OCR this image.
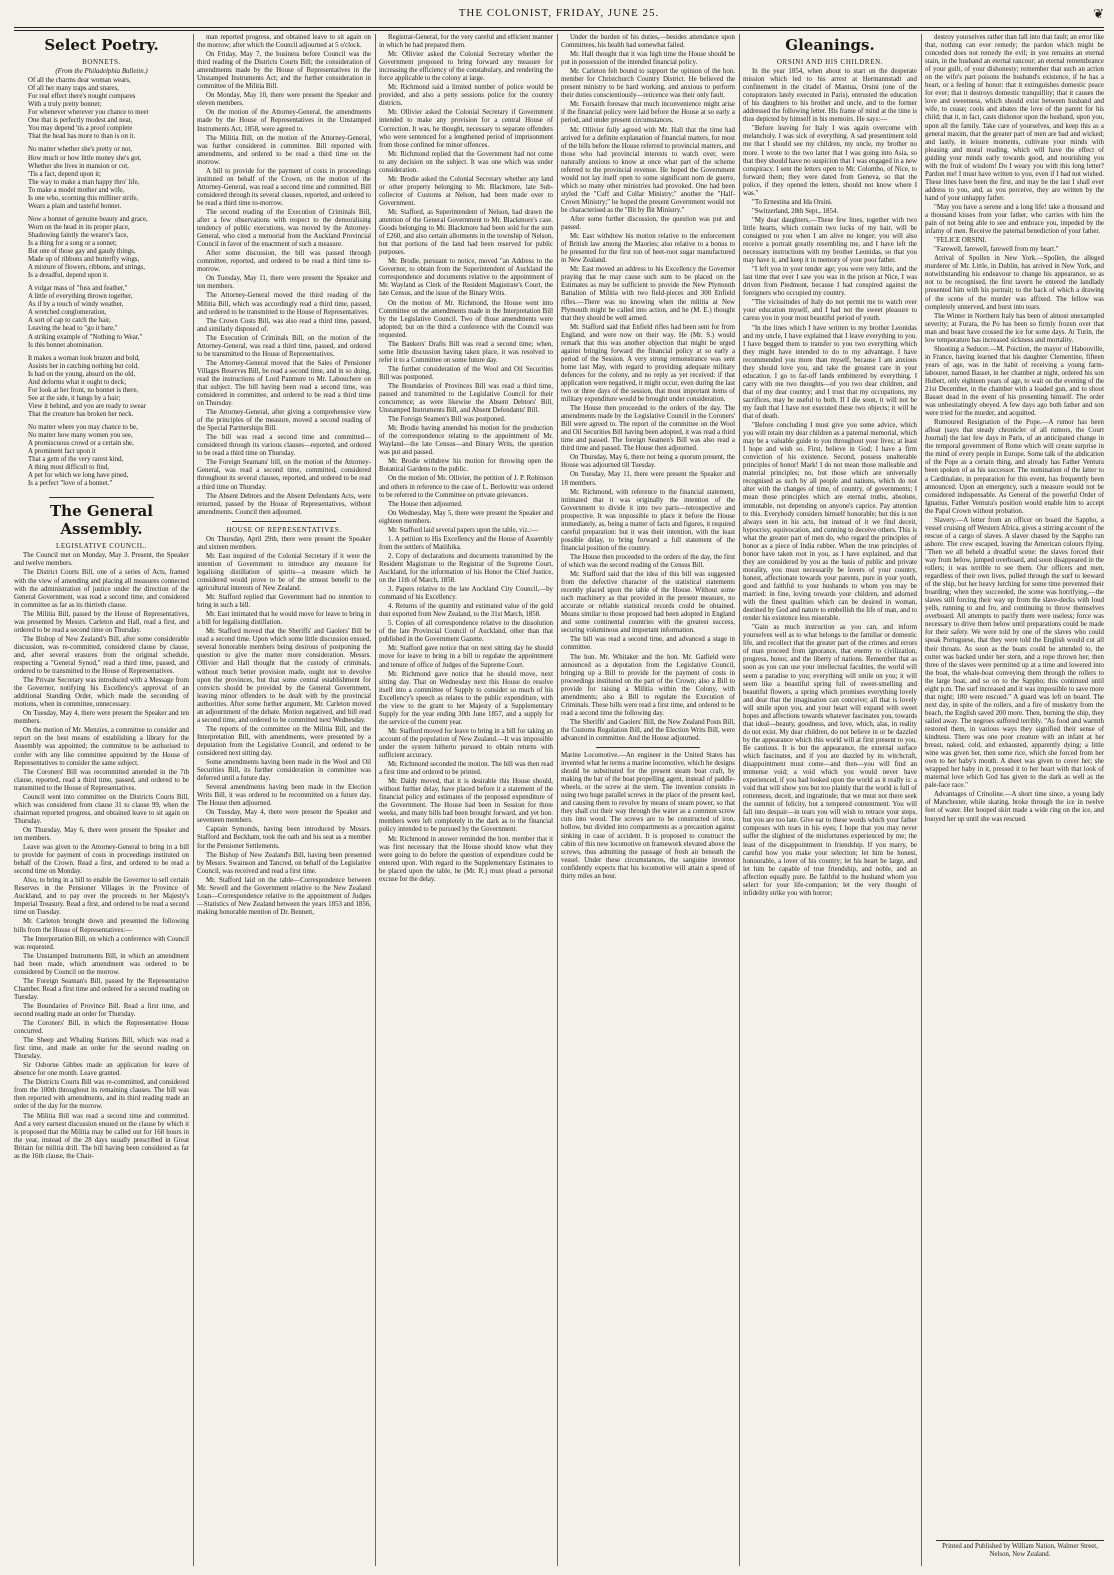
THE COLONIST, FRIDAY, JUNE 25.	❦
Select Poetry.

BONNETS.

(From the Philadelphia Bulletin.)

Of all the charms dear woman wears,

Of all her many traps and snares,

For real effect there's nought compares

With a truly pretty bonnet;

For whenever wherever you chance to meet

One that is perfectly modest and neat,

You may depend 'tis a proof complete

That the head has more to than is on it.

No matter whether she's pretty or not,

How much or how little money she's got,

Whether she lives in mansion or cot,

'Tis a fact, depend upon it;

The way to make a man happy thro' life,

To make a model mother and wife,

Is one who, scorning this milliner strife,

Wears a plain and tasteful bonnet.

Now a bonnet of genuine beauty and grace,

Worn on the head in its proper place,

Shadowing faintly the wearer's face,

Is a thing for a song or a sonnet;

But one of those gay and gaudy things,

Made up of ribbons and butterfly wings,

A mixture of flowers, ribbons, and strings,

Is a dreadful, depend upon it.

A vulgar mass of "fuss and feather,"

A little of everything thrown together,

As if by a touch of windy weather,

A wretched conglomeration,

A sort of cap to catch the hair,

Leaving the head to "go it bare,"

A striking example of "Nothing to Wear,"

Is this bonnet abomination.

It makes a woman look brazen and bold,

Assists her in catching nothing but cold,

Is bad on the young, absurd on the old,

And deforms what it ought to deck;

For look at her front, no bonnet is there,

See at the side, it hangs by a hair;

View it behind, and you are ready to swear

That the creature has broken her neck.

No matter where you may chance to be,

No matter how many women you see,

A promiscuous crowd or a certain she,

A prominent fact upon it

That a gem of the very rarest kind,

A thing most difficult to find,

A pet for which we long have pined,

Is a perfect "love of a bonnet."

The General Assembly.

LEGISLATIVE COUNCIL.

The Council met on Monday, May 3. Present, the Speaker and twelve members.

The District Courts Bill, one of a series of Acts, framed with the view of amending and placing all measures connected with the administration of justice under the direction of the General Government, was read a second time, and considered in committee as far as its thirtieth clause.

The Militia Bill, passed by the House of Representatives, was presented by Messrs. Carleton and Hall, read a first, and ordered to be read a second time on Thursday.

The Bishop of New Zealand's Bill, after some considerable discussion, was re-committed, considered clause by clause, and, after several erasures from the original schedule, respecting a "General Synod," read a third time, passed, and ordered to be transmitted to the House of Representatives.

The Private Secretary was introduced with a Message from the Governor, notifying his Excellency's approval of an additional Standing Order, which made the seconding of motions, when in committee, unnecessary.

On Tuesday, May 4, there were present the Speaker and ten members.

On the motion of Mr. Menzies, a committee to consider and report on the best means of establishing a library for the Assembly was appointed; the committee to be authorised to confer with any like committee appointed by the House of Representatives to consider the same subject.

The Coroners' Bill was recommitted amended in the 7th clause, reported, read a third time, passed, and ordered to be transmitted to the House of Representatives.

Council went into committee on the Districts Courts Bill, which was considered from clause 31 to clause 99, when the chairman reported progress, and obtained leave to sit again on Thursday.

On Thursday, May 6, there were present the Speaker and ten members.

Leave was given to the Attorney-General to bring in a bill to provide for payment of costs in proceedings instituted on behalf of the Crown. Read a first, and ordered to be read a second time on Monday.

Also, to bring in a bill to enable the Governor to sell certain Reserves in the Pensioner Villages in the Province of Auckland, and to pay over the proceeds to her Majesty's Imperial Treasury. Read a first, and ordered to be read a second time on Tuesday.

Mr. Carleton brought down and presented the following bills from the House of Representatives:—

The Interpretation Bill, on which a conference with Council was requested.

The Unstamped Instruments Bill, in which an amendment had been made, which amendment was ordered to be considered by Council on the morrow.

The Foreign Seaman's Bill, passed by the Representative Chamber. Read a first time and ordered for a second reading on Tuesday.

The Boundaries of Province Bill. Read a first time, and second reading made an order for Thursday.

The Coroners' Bill, in which the Representative House concurred.

The Sheep and Whaling Stations Bill, which was read a first time, and made an order for the second reading on Thursday.

Sir Osborne Gibbes made an application for leave of absence for one month. Leave granted.

The Districts Courts Bill was re-committed, and considered from the 100th throughout its remaining clauses. The bill was then reported with amendments, and its third reading made an order of the day for the morrow.

The Militia Bill was read a second time and committed. And a very earnest discussion ensued on the clause by which it is proposed that the Militia may be called out for 168 hours in the year, instead of the 28 days usually prescribed in Great Britain for militia drill. The bill having been considered as far as the 16th clause, the Chair-

man reported progress, and obtained leave to sit again on the morrow; after which the Council adjourned at 5 o'clock.

On Friday, May 7, the business before Council was the third reading of the Districts Courts Bill; the consideration of amendments made by the House of Representatives in the Unstamped Instruments Act; and the further consideration in committee of the Militia Bill.

On Monday, May 10, there were present the Speaker and eleven members.

On the motion of the Attorney-General, the amendments made by the House of Representatives in the Unstamped Instruments Act, 1858, were agreed to.

The Militia Bill, on the motion of the Attorney-General, was further considered in committee. Bill reported with amendments, and ordered to be read a third time on the morrow.

A bill to provide for the payment of costs in proceedings instituted on behalf of the Crown, on the motion of the Attorney-General, was read a second time and committed. Bill considered through its several clauses, reported, and ordered to be read a third time to-morrow.

The second reading of the Execution of Criminals Bill, after a few observations with respect to the demoralising tendency of public executions, was moved by the Attorney-General, who cited a memorial from the Auckland Provincial Council in favor of the enactment of such a measure.

After some discussion, the bill was passed through committee, reported, and ordered to be read a third time to-morrow.

On Tuesday, May 11, there were present the Speaker and ten members.

The Attorney-General moved the third reading of the Militia Bill, which was accordingly read a third time, passed, and ordered to be transmitted to the House of Representatives.

The Crown Costs Bill, was also read a third time, passed, and similarly disposed of.

The Execution of Criminals Bill, on the motion of the Attorney-General, was read a third time, passed, and ordered to be transmitted to the House of Representatives.

The Attorney-General moved that the Sales of Pensioner Villages Reserves Bill, be read a second time, and in so doing, read the instructions of Lord Panmure to Mr. Labouchere on that subject. The bill having been read a second time, was considered in committee, and ordered to be read a third time on Thursday.

The Attorney-General, after giving a comprehensive view of the principles of the measure, moved a second reading of the Special Partnerships Bill.

The bill was read a second time and committed—considered through its various clauses—reported, and ordered to be read a third time on Thursday.

The Foreign Seamans' bill, on the motion of the Attorney-General, was read a second time, committed, considered throughout its several clauses, reported, and ordered to be read a third time on Thursday.

The Absent Debtors and the Absent Defendants Acts, were returned, passed by the House of Representatives, without amendments. Council then adjourned.

HOUSE OF REPRESENTATIVES.

On Thursday, April 29th, there were present the Speaker and sixteen members.

Mr. East inquired of the Colonial Secretary if it were the intention of Government to introduce any measure for legalising distillation of spirits—a measure which he considered would prove to be of the utmost benefit to the agricultural interests of New Zealand.

Mr. Stafford replied that Government had no intention to bring in such a bill.

Mr. East intimated that he would move for leave to bring in a bill for legalising distillation.

Mr. Stafford moved that the Sheriffs' and Gaolers' Bill be read a second time. Upon which some little discussion ensued, several honorable members being desirous of postponing the question to give the matter more consideration. Messrs. Ollivier and Hall thought that the custody of criminals, without much better provision made, ought not to devolve upon the provinces, but that some central establishment for convicts should be provided by the General Government, leaving minor offenders to be dealt with by the provincial authorities. After some further argument, Mr. Carleton moved an adjournment of the debate. Motion negatived, and bill read a second time, and ordered to be committed next Wednesday.

The reports of the committee on the Militia Bill, and the Interpretation Bill, with amendments, were presented by a deputation from the Legislative Council, and ordered to be considered next sitting day.

Some amendments having been made in the Wool and Oil Securities Bill, its further consideration in committee was deferred until a future day.

Several amendments having been made in the Election Writs Bill, it was ordered to be recommitted on a future day. The House then adjourned.

On Tuesday, May 4, there were present the Speaker and seventeen members.

Captain Symonds, having been introduced by Messrs. Stafford and Beckham, took the oath and his seat as a member for the Pensioner Settlements.

The Bishop of New Zealand's Bill, having been presented by Messrs. Swainson and Tancred, on behalf of the Legislative Council, was received and read a first time.

Mr. Stafford laid on the table—Correspondence between Mr. Sewell and the Government relative to the New Zealand Loan—Correspondence relative to the appointment of Judges—Statistics of New Zealand between the years 1853 and 1856, making honorable mention of Dr. Bennett,

Registrar-General, for the very careful and efficient manner in which he had prepared them.

Mr. Ollivier asked the Colonial Secretary whether the Government proposed to bring forward any measure for increasing the efficiency of the constabulary, and rendering the force applicable to the colony at large.

Mr. Richmond said a limited number of police would be provided, and also a petty sessions police for the country districts.

Mr. Ollivier asked the Colonial Secretary if Government intended to make any provision for a central House of Correction. It was, he thought, necessary to separate offenders who were sentenced for a lengthened period of imprisonment from those confined for minor offences.

Mr. Richmond replied that the Government had not come to any decision on the subject. It was one which was under consideration.

Mr. Brodie asked the Colonial Secretary whether any land or other property belonging to Mr. Blackmore, late Sub-collector of Customs at Nelson, had been made over to Government.

Mr. Stafford, as Superintendent of Nelson, had drawn the attention of the General Government to Mr. Blackmore's case. Goods belonging to Mr. Blackmore had been sold for the sum of £260, and also certain allotments in the township of Nelson, but that portions of the land had been reserved for public purposes.

Mr. Brodie, pursuant to notice, moved "an Address to the Governor, to obtain from the Superintendent of Auckland the correspondence and documents relative to the appointment of Mr. Wayland as Clerk of the Resident Magistrate's Court, the late Census, and the issue of the Binary Writs.

On the motion of Mr. Richmond, the House went into Committee on the amendments made in the Interpretation Bill by the Legislative Council. Two of those amendments were adopted; but on the third a conference with the Council was requested.

The Bankers' Drafts Bill was read a second time; when, some little discussion having taken place, it was resolved to refer it to a Committee on some future day.

The further consideration of the Wool and Oil Securities Bill was postponed.

The Boundaries of Provinces Bill was read a third time, passed and transmitted to the Legislative Council for their concurrence; as were likewise the Absent Debtors' Bill, Unstamped Instruments Bill, and Absent Defendants' Bill.

The Foreign Seamen's Bill was postponed.

Mr. Brodie having amended his motion for the production of the correspondence relating to the appointment of Mr. Wayland—the late Census—and Binary Writs, the question was put and passed.

Mr. Brodie withdrew his motion for throwing open the Botanical Gardens to the public.

On the motion of Mr. Ollivier, the petition of J. P. Robinson and others in reference to the case of L. Berlowitz was ordered to be referred to the Committee on private grievances.

The House then adjourned.

On Wednesday, May 5, there were present the Speaker and eighteen members.

Mr. Stafford laid several papers upon the table, viz.:—

1. A petition to His Excellency and the House of Assembly from the settlers of Matiihika.

2. Copy of declarations and documents transmitted by the Resident Magistrate to the Registrar of the Supreme Court, Auckland, for the information of his Honor the Chief Justice, on the 11th of March, 1858.

3. Papers relative to the late Auckland City Council,—by command of his Excellency.

4. Returns of the quantity and estimated value of the gold dust exported from New Zealand, to the 31st March, 1858.

5. Copies of all correspondence relative to the dissolution of the late Provincial Council of Auckland, other than that published in the Government Gazette.

Mr. Stafford gave notice that on next sitting day he should move for leave to bring in a bill to regulate the appointment and tenure of office of Judges of the Supreme Court.

Mr. Richmond gave notice that he should move, next sitting day. That on Wednesday next this House do resolve itself into a committee of Supply to consider so much of his Excellency's speech as relates to the public expenditure, with the view to the grant to her Majesty of a Supplementary Supply for the year ending 30th June 1857, and a supply for the service of the current year.

Mr. Stafford moved for leave to bring in a bill for taking an account of the population of New Zealand.—It was impossible under the system hitherto pursued to obtain returns with sufficient accuracy.

Mr. Richmond seconded the motion. The bill was then read a first time and ordered to be printed.

Mr. Daldy moved, that it is desirable this House should, without further delay, have placed before it a statement of the financial policy and estimates of the proposed expenditure of the Government. The House had been in Session for three weeks, and many bills had been brought forward, and yet hon. members were left completely in the dark as to the financial policy intended to be pursued by the Government.

Mr. Richmond in answer reminded the hon. member that it was first necessary that the House should know what they were going to do before the question of expenditure could be entered upon. With regard to the Supplementary Estimates to be placed upon the table, he (Mr. R.) must plead a personal excuse for the delay.

Under the burden of his duties,—besides attendance upon Committees, his health had somewhat failed.

Mr. Hall thought that it was high time the House should be put in possession of the intended financial policy.

Mr. Carleton felt bound to support the opinion of the hon. member for Christchurch Country District. He believed the present ministry to be hard working, and anxious to perform their duties conscientiously—reticence was their only fault.

Mr. Forsaith foresaw that much inconvenience might arise if the financial policy were laid before the House at so early a period, and under present circumstances.

Mr. Ollivier fully agreed with Mr. Hall that the time had arrived for a definite explanation of financial matters, for most of the bills before the House referred to provincial matters, and those who had provincial interests to watch over, were naturally anxious to know at once what part of the scheme referred to the provincial revenue. He hoped the Government would not lay itself open to some significant nom de guerre, which so many other ministries had provoked. One had been styled the "Cuff and Collar Ministry;" another the "Half-Crown Ministry;" he hoped the present Government would not be characterised as the "Bit by Bit Ministry."

After some further discussion, the question was put and passed.

Mr. East withdrew his motion relative to the enforcement of British law among the Maories; also relative to a bonus to be presented for the first ton of beet-root sugar manufactured in New Zealand.

Mr. East moved an address to his Excellency the Governor praying that he may cause such sum to be placed on the Estimates as may be sufficient to provide the New Plymouth Battalion of Militia with two field-pieces and 300 Enfield rifles.—There was no knowing when the militia at New Plymouth might be called into action, and he (M. E.) thought that they should be well armed.

Mr. Stafford said that Enfield rifles had been sent for from England, and were now on their way. He (Mr. S.) would remark that this was another objection that might be urged against bringing forward the financial policy at so early a period of the Session. A very strong remonstrance was sent home last May, with regard to providing adequate military defences for the colony, and no reply as yet received: if that application were negatived, it might occur, even during the last two or three days of the session, that most important items of military expenditure would be brought under consideration.

The House then proceeded to the orders of the day. The amendments made by the Legislative Council in the Coroners' Bill were agreed to. The report of the committee on the Wool and Oil Securities Bill having been adopted, it was read a third time and passed. The foreign Seamen's Bill was also read a third time and passed. The House then adjourned.

On Thursday, May 6, there not being a quorum present, the House was adjourned till Tuesday.

On Tuesday, May 11, there were present the Speaker and 18 members.

Mr. Richmond, with reference to the financial statement, intimated that it was originally the intention of the Government to divide it into two parts—retrospective and prospective. It was impossible to place it before the House immediately, as, being a matter of facts and figures, it required careful preparation: but it was their intention, with the least possible delay, to bring forward a full statement of the financial position of the country.

The House then proceeded to the orders of the day, the first of which was the second reading of the Census Bill.

Mr. Stafford said that the idea of this bill was suggested from the defective character of the statistical statements recently placed upon the table of the House. Without some such machinery as that provided in the present measure, no accurate or reliable statistical records could be obtained. Means similar to those proposed had been adopted in England and some continental countries with the greatest success, securing voluminous and important information.

The bill was read a second time, and advanced a stage in committee.

The hon. Mr. Whitaker and the hon. Mr. Gatfield were announced as a deputation from the Legislative Council, bringing up a Bill to provide for the payment of costs in proceedings instituted on the part of the Crown; also a Bill to provide for raising a Militia within the Colony, with amendments; also a Bill to regulate the Execution of Criminals. These bills were read a first time, and ordered to be read a second time the following day.

The Sheriffs' and Gaolers' Bill, the New Zealand Posts Bill, the Customs Regulation Bill, and the Election Writs Bill, were advanced in committee. And the House adjourned.

Marine Locomotive.—An engineer in the United States has invented what he terms a marine locomotive, which he designs should be substituted for the present steam boat craft, by making the bar of the boat propelling agent, instead of paddle-wheels, or the screw at the stern. The invention consists in using two huge parallel screws in the place of the present keel, and causing them to revolve by means of steam power, so that they shall cut their way through the water as a common screw cuts into wood. The screws are to be constructed of iron, hollow, but divided into compartments as a precaution against sinking in case of accident. It is proposed to construct the cabin of this new locomotive on framework elevated above the screws, thus admitting the passage of fresh air beneath the vessel. Under these circumstances, the sanguine inventor confidently expects that his locomotive will attain a speed of thirty miles an hour.

Gleanings.

ORSINI AND HIS CHILDREN.

In the year 1854, when about to start on the desperate mission which led to his arrest at Hermannstadt and confinement in the citadel of Mantua, Orsini (one of the conspirators lately executed in Paris), entrusted the education of his daughters to his brother and uncle, and to the former addressed the following letter. His frame of mind at the time is thus depicted by himself in his memoirs. He says:—

"Before leaving for Italy I was again overcome with melancholy. I was sick of everything. A sad presentiment told me that I should see my children, my uncle, my brother no more. I wrote to the two latter that I was going into Asia, so that they should have no suspicion that I was engaged in a new conspiracy. I sent the letters open to Mr. Colombo, of Nice, to forward them; they were dated from Geneva, so that the police, if they opened the letters, should not know where I was."

"To Ernestina and Ida Orsini.

"Switzerland, 28th Sept., 1854.

"My dear daughters,—These few lines, together with two little hearts, which contain two locks of my hair, will be consigned to you when I am alive no longer; you will also receive a portrait greatly resembling me, and I have left the necessary instructions with my brother Leonidas, so that you may have it, and keep it in memory of your poor father.

"I left you in your tender age; you were very little, and the last time that ever I saw you was in the prison at Nice, I was driven from Piedmont, because I had conspired against the foreigners who occupied my country.

"The vicissitudes of Italy do not permit me to watch over your education myself, and I had not the sweet pleasure to caress you in your most beautiful period of youth.

"In the lines which I have written to my brother Leonidas and my uncle, I have explained that I leave everything to you. I have begged them to transfer to you two everything which they might have intended to do to my advantage. I have recommended you more than myself, because I am anxious they should love you, and take the greatest care in your education. I go to far-off lands embittered by everything. I carry with me two thoughts—of you two dear children, and that of my dear country; and I trust that my occupations, my sacrifices, may be useful to both. If I die soon, it will not be my fault that I have not executed these two objects; it will be that of death.

"Before concluding I must give you some advice, which you will retain my dear children as a paternal memorial, which may be a valuable guide to you throughout your lives; at least I hope and wish so. First, believe in God; I have a firm conviction of his existence. Second, possess unalterable principles of honor! Mark! I do not mean those malleable and material principles; no, but those which are universally recognised as such by all people and nations, which do not alter with the changes of time, of country, of governments; I mean those principles which are eternal truths, absolute, immutable, not depending on anyone's caprice. Pay attention to this. Everybody considers himself honorable; but this is not always seen in his acts, but instead of it we find deceit, hypocrisy, equivocation, and cunning to deceive others. This is what the greater part of men do, who regard the principles of honor as a piece of India rubber. When the true principles of honor have taken root in you, as I have explained, and that they are considered by you as the basis of public and private morality, you must necessarily be lovers of your country, honest, affectionate towards your parents, pure in your youth, good and faithful to your husbands to whom you may be married: in fine, loving towards your children, and adorned with the finest qualities which can be desired in woman, destined by God and nature to embellish the life of man, and to render his existence less miserable.

"Gain as much instruction as you can, and inform yourselves well as to what belongs to the familiar or domestic life, and recollect that the greater part of the crimes and errors of man proceed from ignorance, that enemy to civilization, progress, honor, and the liberty of nations. Remember that as soon as you can use your intellectual faculties, the world will seem a paradise to you; everything will smile on you; it will seem like a beautiful spring full of sweet-smelling and beautiful flowers, a spring which promises everything lovely and dear that the imagination can conceive; all that is lovely will smile upon you, and your heart will expand with sweet hopes and affections towards whatever fascinates you, towards that ideal—beauty, goodness, and love, which, alas, in reality do not exist. My dear children, do not believe in or be dazzled by the appearance which this world will at first present to you. Be cautious. It is but the appearance, the external surface which fascinates, and if you are dazzled by its witchcraft, disappointment must come—and then—you will find an immense void; a void which you would never have experienced, if you had looked upon the world as it really is: a void that will show you but too plainly that the world is full of rottenness, deceit, and ingratitude; that we must not there seek the summit of felicity, but a tempered contentment. You will fall into despair—in tears you will wish to retrace your steps, but you are too late. Give ear to these words which your father composes with tears in his eyes; I hope that you may never suffer the slightest of the misfortunes experienced by me; the least of the disappointment in friendship. If you marry, be careful how you make your selection; let him be honest, honourable, a lover of his country; let his heart be large, and let him be capable of true friendship, and noble, and an affection equally pure. Be faithful to the husband whom you select for your life-companion; let the very thought of infidelity strike you with horror;

destroy yourselves rather than fall into that fault; an error like that, nothing can ever remedy; the pardon which might be conceded does not remedy the evil; in you remains an eternal stain, in the husband an eternal rancour; an eternal remembrance of your guilt, of your dishonesty; remember that such an action on the wife's part poisons the husband's existence, if he has a heart, or a feeling of honor: that it extinguishes domestic peace for ever; that it destroys domestic tranquillity; that it causes the love and sweetness, which should exist between husband and wife, to cease; cools and abates the love of the parent for his child; that it, in fact, casts dishonor upon the husband, upon you, upon all the family. Take care of yourselves, and keep this as a general maxim, that the greater part of men are bad and wicked; and lastly, in leisure moments, cultivate your minds with pleasing and moral reading, which will have the effect of guiding your minds early towards good, and nourishing you with the fruit of wisdom! Do I weary you with this long letter? Pardon me! I must have written to you, even if I had not wished. These lines have been the first, and may be the last I shall ever address to you, and, as you perceive, they are written by the hand of your unhappy father.

"May you have a serene and a long life! take a thousand and a thousand kisses from your father, who carries with him the pain of not being able to see and embrace you, impeded by the infamy of men. Receive the paternal benediction of your father.

"FELICE ORSINI.

"Farewell, farewell, farewell from my heart."

Arrival of Spollen in New York.—Spollen, the alleged murderer of Mr. Little, in Dublin, has arrived in New York, and notwithstanding his endeavour to change his appearance, so as not to be recognised, the first tavern he entered the landlady presented him with his portrait; to the back of which a drawing of the scene of the murder was affixed. The fellow was completely unnerved, and burst into tears.

The Winter in Northern Italy has been of almost unexampled severity; at Furara, the Po has been so firmly frozen over that man and beast have crossed the ice for some days. At Turin, the low temperature has increased sickness and mortality.

Shooting a Seducer.—M. Poiction, the mayor of Habouville, in France, having learned that his daughter Clementine, fifteen years of age, was in the habit of receiving a young farm-labourer, named Basset, in her chamber at night, ordered his son Hubert, only eighteen years of age, to wait on the evening of the 21st December, in the chamber with a loaded gun, and to shoot Basset dead in the event of his presenting himself. The order was unhesitatingly obeyed. A few days ago both father and son were tried for the murder, and acquitted.

Rumoured Resignation of the Pope.—A rumor has been afloat (says that steady chronicler of all rumors, the Court Journal) the last few days in Paris, of an anticipated change in the temporal government of Rome which will create surprise in the mind of every people in Europe. Some talk of the abdication of the Pope as a certain thing, and already has Father Ventura been spoken of as his successor. The nomination of the latter to a Cardinalate, in preparation for this event, has frequently been announced. Upon an emergency, such a measure would not be considered indispensable. As General of the powerful Order of Ignatius, Father Ventura's position would enable him to accept the Papal Crown without probation.

Slavery.—A letter from an officer on board the Sappho, a vessel cruising off Western Africa, gives a stirring account of the rescue of a cargo of slaves. A slaver chased by the Sappho ran ashore. The crew escaped, leaving the American colours flying. "Then we all beheld a dreadful scene: the slaves forced their way from below, jumped overboard, and soon disappeared in the rollers; it was terrible to see them. Our officers and men, regardless of their own lives, pulled through the surf to leeward of the ship, but her heavy lurching for some time prevented their boarding; when they succeeded, the scene was horrifying,—the slaves still forcing their way up from the slave-decks with loud yells, running to and fro, and continuing to throw themselves overboard. All attempts to pacify them were useless; force was necessary to drive them below until preparations could be made for their safety. We were told by one of the slaves who could speak Portuguese, that they were told the English would cut all their throats. As soon as the boats could be attended to, the cutter was backed under her stern, and a rope thrown her; then three of the slaves were permitted up at a time and lowered into the boat, the whale-boat conveying them through the rollers to the large boat, and so on to the Sappho; this continued until eight p.m. The surf increased and it was impossible to save more that night; 180 were rescued." A guard was left on board. The next day, in spite of the rollers, and a fire of musketry from the beach, the English saved 200 more. Then, burning the ship, they sailed away. The negroes suffered terribly. "As food and warmth restored them, in various ways they signified their sense of kindness. There was one poor creature with an infant at her breast, naked, cold, and exhausted, apparently dying; a little wine was given her, then some rice, which she forced from her own to her baby's mouth. A sheet was given to cover her; she wrapped her baby in it, pressed it to her heart with that look of maternal love which God has given to the dark as well as the pale-face race."

Advantages of Crinoline.—A short time since, a young lady of Manchester, while skating, broke through the ice in twelve feet of water. Her hooped skirt made a wide ring on the ice, and buoyed her up until she was rescued.

Printed and Published by William Nation, Walmer Street, Nelson, New Zealand.
